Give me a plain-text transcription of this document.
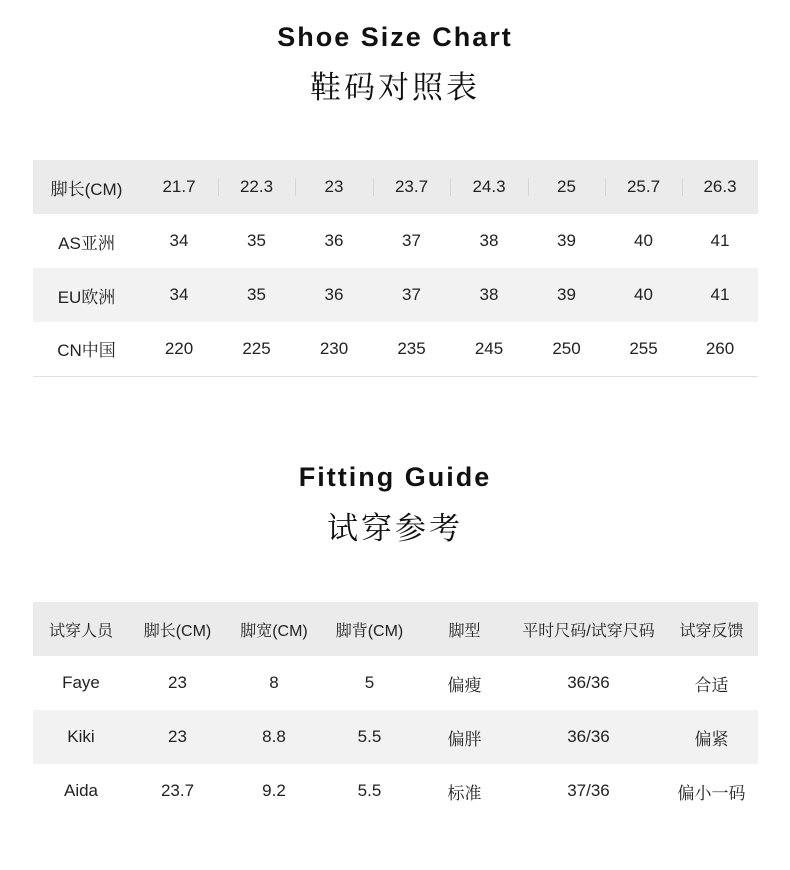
Shoe Size Chart
鞋码对照表
脚长(CM)	21.7	22.3	23	23.7	24.3	25	25.7	26.3
AS亚洲	34	35	36	37	38	39	40	41
EU欧洲	34	35	36	37	38	39	40	41
CN中国	220	225	230	235	245	250	255	260
Fitting Guide
试穿参考
试穿人员	脚长(CM)	脚宽(CM)	脚背(CM)	脚型	平时尺码/试穿尺码	试穿反馈
Faye	23	8	5	偏瘦	36/36	合适
Kiki	23	8.8	5.5	偏胖	36/36	偏紧
Aida	23.7	9.2	5.5	标准	37/36	偏小一码
